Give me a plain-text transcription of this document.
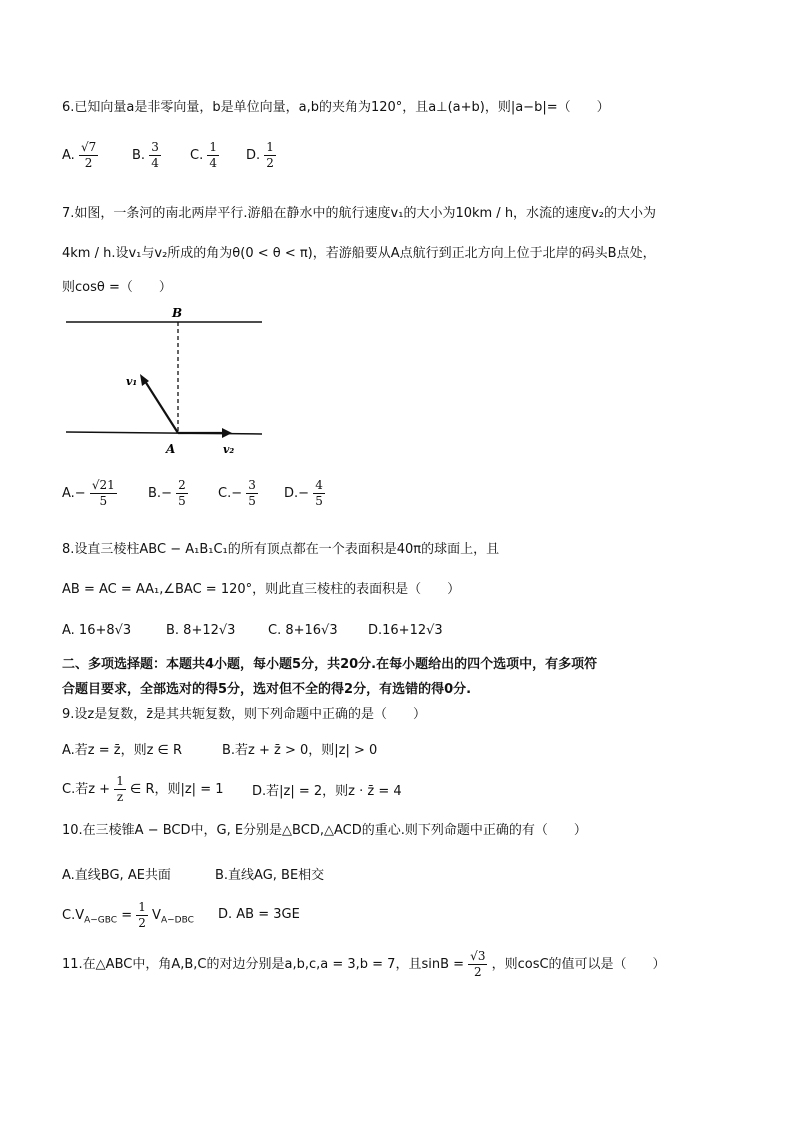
6.已知向量a是非零向量，b是单位向量，a,b的夹角为120°，且a⊥(a+b)，则|a−b|=（　　）
A. $\frac{√7}{2}$	B. $\frac{3}{4} C$. $\frac{1}{4} D$. $\frac{1}{2}$
7.如图，一条河的南北两岸平行.游船在静水中的航行速度v₁的大小为10km / h，水流的速度v₂的大小为
4km / h.设v₁与v₂所成的角为θ(0 < θ < π)，若游船要从A点航行到正北方向上位于北岸的码头B点处，
则cosθ =（　　）
B
A
v₁
v₂
$A.- \frac{√21}{5} B.- \frac{2}{5} C.- \frac{3}{5} D.- \frac{4}{5}$
8.设直三棱柱ABC − A₁B₁C₁的所有顶点都在一个表面积是40π的球面上，且
AB = AC = AA₁,∠BAC = 120°，则此直三棱柱的表面积是（　　）
A. 16+8√3	B. 8+12√3	C. 8+16√3 D.16+12√3
二、多项选择题：本题共4小题，每小题5分，共20分.在每小题给出的四个选项中，有多项符
合题目要求，全部选对的得5分，选对但不全的得2分，有选错的得0分.
9.设z是复数，z̄是其共轭复数，则下列命题中正确的是（　　）
A.若z = z̄，则z ∈ R	B.若z + z̄ > 0，则|z| > 0
C.若$z + \frac{1}{z}$ ∈ R，则|z| = 1 D.若|z| = 2，则z · z̄ = 4
10.在三棱锥A − BCD中，G, E分别是△BCD,△ACD的重心.则下列命题中正确的有（　　）
A.直线BG, AE共面	B.直线AG, BE相交
$C.V_{A-GBC} = \frac{1}{2} V_{A-DBC}$ D. AB = 3GE
11.在△ABC中，角A,B,C的对边分别是a,b,c,a = 3,b = 7，且$\sin B = \frac{√3}{2}$ ，则cosC的值可以是（　　）
